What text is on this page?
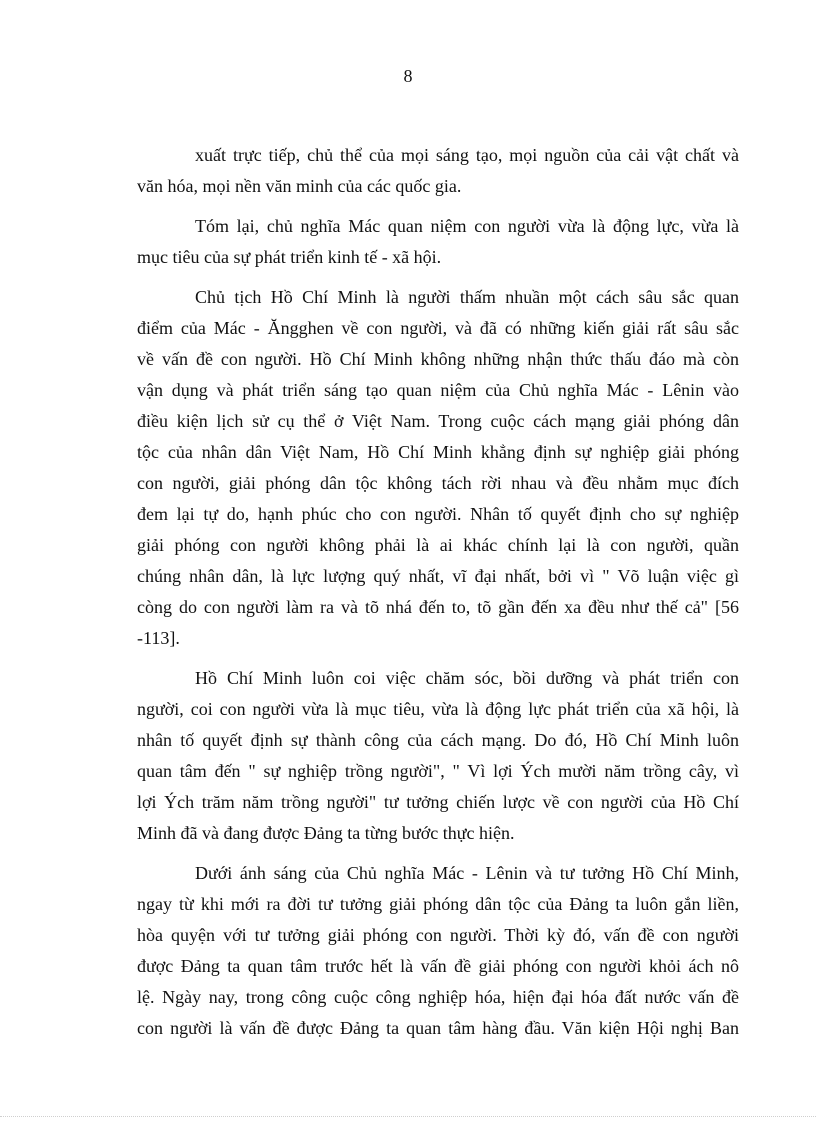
8
xuất trực tiếp, chủ thể của mọi sáng tạo, mọi nguồn của cải vật chất và
văn hóa, mọi nền văn minh của các quốc gia.
Tóm lại, chủ nghĩa Mác quan niệm con người vừa là động lực, vừa là
mục tiêu của sự phát triển kinh tế - xã hội.
Chủ tịch Hồ Chí Minh là người thấm nhuần một cách sâu sắc quan
điểm của Mác - Ăngghen về con người, và đã có những kiến giải rất sâu sắc
về vấn đề con người. Hồ Chí Minh không những nhận thức thấu đáo mà còn
vận dụng và phát triển sáng tạo quan niệm của Chủ nghĩa Mác - Lênin vào
điều kiện lịch sử cụ thể ở Việt Nam. Trong cuộc cách mạng giải phóng dân
tộc của nhân dân Việt Nam, Hồ Chí Minh khẳng định sự nghiệp giải phóng
con người, giải phóng dân tộc không tách rời nhau và đều nhằm mục đích
đem lại tự do, hạnh phúc cho con người. Nhân tố quyết định cho sự nghiệp
giải phóng con người không phải là ai khác chính lại là con người, quần
chúng nhân dân, là lực lượng quý nhất, vĩ đại nhất, bởi vì " Võ luận việc gì
còng do con người làm ra và tõ nhá đến to, tõ gần đến xa đều như thế cả" [56
-113].
Hồ Chí Minh luôn coi việc chăm sóc, bồi dưỡng và phát triển con
người, coi con người vừa là mục tiêu, vừa là động lực phát triển của xã hội, là
nhân tố quyết định sự thành công của cách mạng. Do đó, Hồ Chí Minh luôn
quan tâm đến " sự nghiệp trồng người", " Vì lợi Ých mười năm trồng cây, vì
lợi Ých trăm năm trồng người" tư tưởng chiến lược về con người của Hồ Chí
Minh đã và đang được Đảng ta từng bước thực hiện.
Dưới ánh sáng của Chủ nghĩa Mác - Lênin và tư tưởng Hồ Chí Minh,
ngay từ khi mới ra đời tư tưởng giải phóng dân tộc của Đảng ta luôn gắn liền,
hòa quyện với tư tưởng giải phóng con người. Thời kỳ đó, vấn đề con người
được Đảng ta quan tâm trước hết là vấn đề giải phóng con người khỏi ách nô
lệ. Ngày nay, trong công cuộc công nghiệp hóa, hiện đại hóa đất nước vấn đề
con người là vấn đề được Đảng ta quan tâm hàng đầu. Văn kiện Hội nghị Ban
